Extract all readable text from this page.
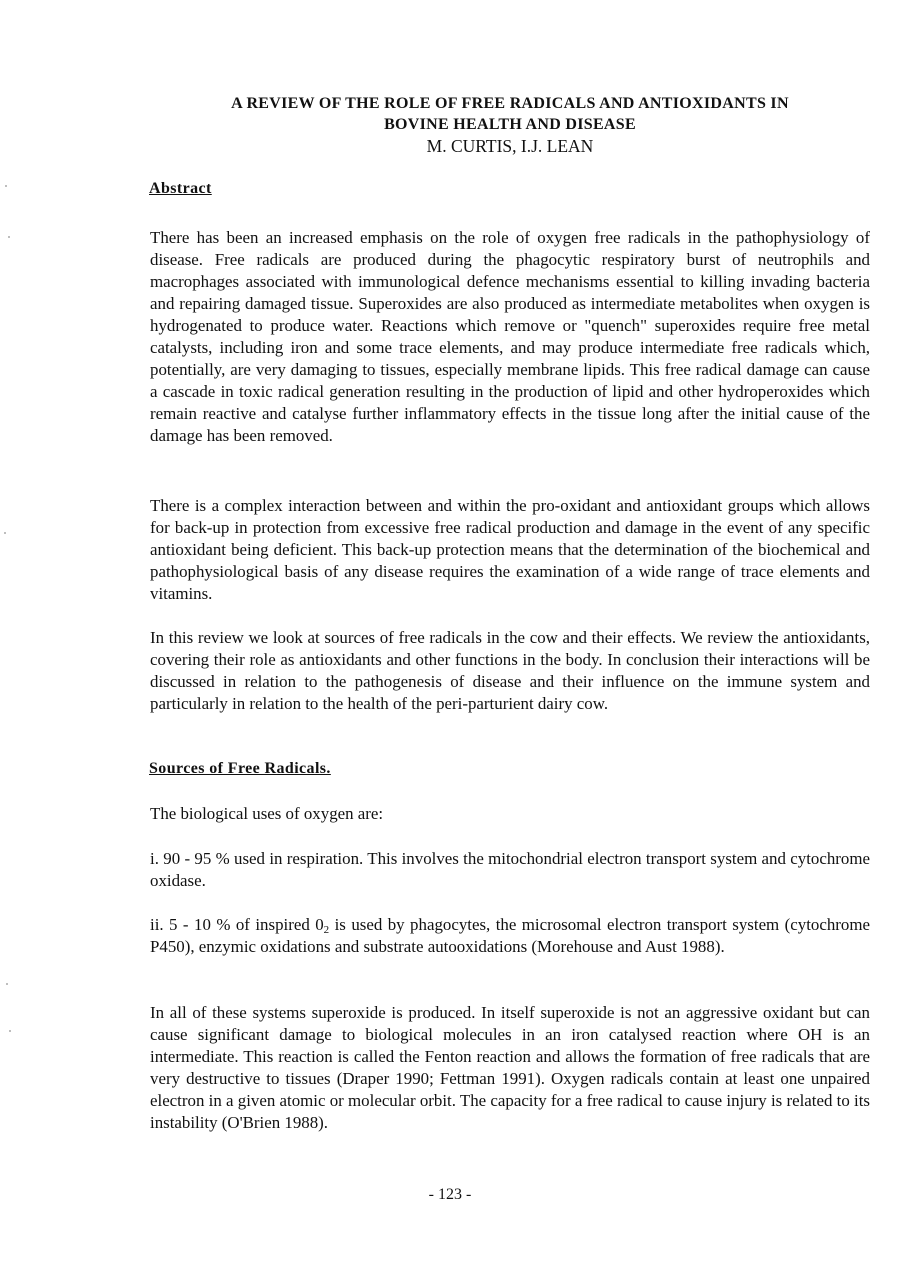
A REVIEW OF THE ROLE OF FREE RADICALS AND ANTIOXIDANTS IN
BOVINE HEALTH AND DISEASE
M. CURTIS, I.J. LEAN
Abstract

There has been an increased emphasis on the role of oxygen free radicals in the pathophysiology of disease. Free radicals are produced during the phagocytic respiratory burst of neutrophils and macrophages associated with immunological defence mechanisms essential to killing invading bacteria and repairing damaged tissue. Superoxides are also produced as intermediate metabolites when oxygen is hydrogenated to produce water. Reactions which remove or "quench" superoxides require free metal catalysts, including iron and some trace elements, and may produce intermediate free radicals which, potentially, are very damaging to tissues, especially membrane lipids. This free radical damage can cause a cascade in toxic radical generation resulting in the production of lipid and other hydroperoxides which remain reactive and catalyse further inflammatory effects in the tissue long after the initial cause of the damage has been removed.

There is a complex interaction between and within the pro-oxidant and antioxidant groups which allows for back-up in protection from excessive free radical production and damage in the event of any specific antioxidant being deficient. This back-up protection means that the determination of the biochemical and pathophysiological basis of any disease requires the examination of a wide range of trace elements and vitamins.

In this review we look at sources of free radicals in the cow and their effects. We review the antioxidants, covering their role as antioxidants and other functions in the body. In conclusion their interactions will be discussed in relation to the pathogenesis of disease and their influence on the immune system and particularly in relation to the health of the peri-parturient dairy cow.

Sources of Free Radicals.

The biological uses of oxygen are:

i. 90 - 95 % used in respiration. This involves the mitochondrial electron transport system and cytochrome oxidase.

ii. 5 - 10 % of inspired $0_2$ is used by phagocytes, the microsomal electron transport system (cytochrome P450), enzymic oxidations and substrate autooxidations (Morehouse and Aust 1988).

In all of these systems superoxide is produced. In itself superoxide is not an aggressive oxidant but can cause significant damage to biological molecules in an iron catalysed reaction where OH is an intermediate. This reaction is called the Fenton reaction and allows the formation of free radicals that are very destructive to tissues (Draper 1990; Fettman 1991). Oxygen radicals contain at least one unpaired electron in a given atomic or molecular orbit. The capacity for a free radical to cause injury is related to its instability (O'Brien 1988).

- 123 -
